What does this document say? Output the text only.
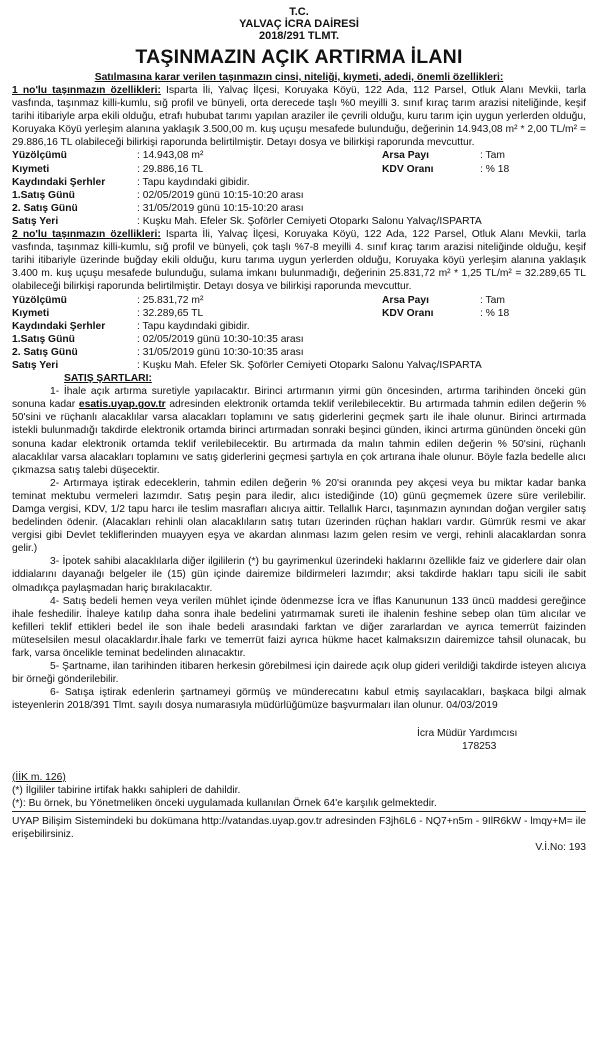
T.C.
YALVAÇ İCRA DAİRESİ
2018/291 TLMT.
TAŞINMAZIN AÇIK ARTIRMA İLANI
Satılmasına karar verilen taşınmazın cinsi, niteliği, kıymeti, adedi, önemli özellikleri:

1 no'lu taşınmazın özellikleri: Isparta İli, Yalvaç İlçesi, Koruyaka Köyü, 122 Ada, 112 Parsel, Otluk Alanı Mevkii, tarla vasfında, taşınmaz killi-kumlu, sığ profil ve bünyeli, orta derecede taşlı %0 meyilli 3. sınıf kıraç tarım arazisi niteliğinde, keşif tarihi itibariyle arpa ekili olduğu, etrafı hububat tarımı yapılan araziler ile çevrili olduğu, kuru tarım için uygun yerlerden olduğu, Koruyaka Köyü yerleşim alanına yaklaşık 3.500,00 m. kuş uçuşu mesafede bulunduğu, değerinin 14.943,08 m² * 2,00 TL/m² = 29.886,16 TL olabileceği bilirkişi raporunda belirtilmiştir. Detayı dosya ve bilirkişi raporunda mevcuttur.

Yüzölçümü	: 14.943,08 m²	Arsa Payı	: Tam
Kıymeti	: 29.886,16 TL	KDV Oranı	: % 18
Kaydındaki Şerhler	: Tapu kaydındaki gibidir.
1.Satış Günü	: 02/05/2019 günü 10:15-10:20 arası
2. Satış Günü	: 31/05/2019 günü 10:15-10:20 arası
Satış Yeri	: Kuşku Mah. Efeler Sk. Şoförler Cemiyeti Otoparkı Salonu Yalvaç/ISPARTA

2 no'lu taşınmazın özellikleri: Isparta İli, Yalvaç İlçesi, Koruyaka Köyü, 122 Ada, 122 Parsel, Otluk Alanı Mevkii, tarla vasfında, taşınmaz killi-kumlu, sığ profil ve bünyeli, çok taşlı %7-8 meyilli 4. sınıf kıraç tarım arazisi niteliğinde olduğu, keşif tarihi itibariyle üzerinde buğday ekili olduğu, kuru tarıma uygun yerlerden olduğu, Koruyaka köyü yerleşim alanına yaklaşık 3.400 m. kuş uçuşu mesafede bulunduğu, sulama imkanı bulunmadığı, değerinin 25.831,72 m² * 1,25 TL/m² = 32.289,65 TL olabileceği bilirkişi raporunda belirtilmiştir. Detayı dosya ve bilirkişi raporunda mevcuttur.

Yüzölçümü	: 25.831,72 m²	Arsa Payı	: Tam
Kıymeti	: 32.289,65 TL	KDV Oranı	: % 18
Kaydındaki Şerhler	: Tapu kaydındaki gibidir.
1.Satış Günü	: 02/05/2019 günü 10:30-10:35 arası
2. Satış Günü	: 31/05/2019 günü 10:30-10:35 arası
Satış Yeri	: Kuşku Mah. Efeler Sk. Şoförler Cemiyeti Otoparkı Salonu Yalvaç/ISPARTA
SATIŞ ŞARTLARI:

1- İhale açık artırma suretiyle yapılacaktır. Birinci artırmanın yirmi gün öncesinden, artırma tarihinden önceki gün sonuna kadar esatis.uyap.gov.tr adresinden elektronik ortamda teklif verilebilecektir. Bu artırmada tahmin edilen değerin % 50'sini ve rüçhanlı alacaklılar varsa alacakları toplamını ve satış giderlerini geçmek şartı ile ihale olunur. Birinci artırmada istekli bulunmadığı takdirde elektronik ortamda birinci artırmadan sonraki beşinci günden, ikinci artırma gününden önceki gün sonuna kadar elektronik ortamda teklif verilebilecektir. Bu artırmada da malın tahmin edilen değerin % 50'sini, rüçhanlı alacaklılar varsa alacakları toplamını ve satış giderlerini geçmesi şartıyla en çok artırana ihale olunur. Böyle fazla bedelle alıcı çıkmazsa satış talebi düşecektir.

2- Artırmaya iştirak edeceklerin, tahmin edilen değerin % 20'si oranında pey akçesi veya bu miktar kadar banka teminat mektubu vermeleri lazımdır. Satış peşin para iledir, alıcı istediğinde (10) günü geçmemek üzere süre verilebilir. Damga vergisi, KDV, 1/2 tapu harcı ile teslim masrafları alıcıya aittir. Tellallık Harcı, taşınmazın aynından doğan vergiler satış bedelinden ödenir. (Alacakları rehinli olan alacaklıların satış tutarı üzerinden rüçhan hakları vardır. Gümrük resmi ve akar vergisi gibi Devlet tekliflerinden muayyen eşya ve akardan alınması lazım gelen resim ve vergi, rehinli alacaklardan sonra gelir.)

3- İpotek sahibi alacaklılarla diğer ilgililerin (*) bu gayrimenkul üzerindeki haklarını özellikle faiz ve giderlere dair olan iddialarını dayanağı belgeler ile (15) gün içinde dairemize bildirmeleri lazımdır; aksi takdirde hakları tapu sicili ile sabit olmadıkça paylaşmadan hariç bırakılacaktır.

4- Satış bedeli hemen veya verilen mühlet içinde ödenmezse İcra ve İflas Kanununun 133 üncü maddesi gereğince ihale feshedilir. İhaleye katılıp daha sonra ihale bedelini yatırmamak sureti ile ihalenin feshine sebep olan tüm alıcılar ve kefilleri teklif ettikleri bedel ile son ihale bedeli arasındaki farktan ve diğer zararlardan ve ayrıca temerrüt faizinden müteselsilen mesul olacaklardır.İhale farkı ve temerrüt faizi ayrıca hükme hacet kalmaksızın dairemizce tahsil olunacak, bu fark, varsa öncelikle teminat bedelinden alınacaktır.

5- Şartname, ilan tarihinden itibaren herkesin görebilmesi için dairede açık olup gideri verildiği takdirde isteyen alıcıya bir örneği gönderilebilir.

6- Satışa iştirak edenlerin şartnameyi görmüş ve münderecatını kabul etmiş sayılacakları, başkaca bilgi almak isteyenlerin 2018/391 Tlmt. sayılı dosya numarasıyla müdürlüğümüze başvurmaları ilan olunur. 04/03/2019

İcra Müdür Yardımcısı
178253
(İİK m. 126)
(*) İlgililer tabirine irtifak hakkı sahipleri de dahildir.
(*): Bu örnek, bu Yönetmeliken önceki uygulamada kullanılan Örnek 64'e karşılık gelmektedir.

UYAP Bilişim Sistemindeki bu dokümana http://vatandas.uyap.gov.tr adresinden F3jh6L6 - NQ7+n5m - 9IlR6kW - lmqy+M= ile erişebilirsiniz.

V.İ.No: 193
